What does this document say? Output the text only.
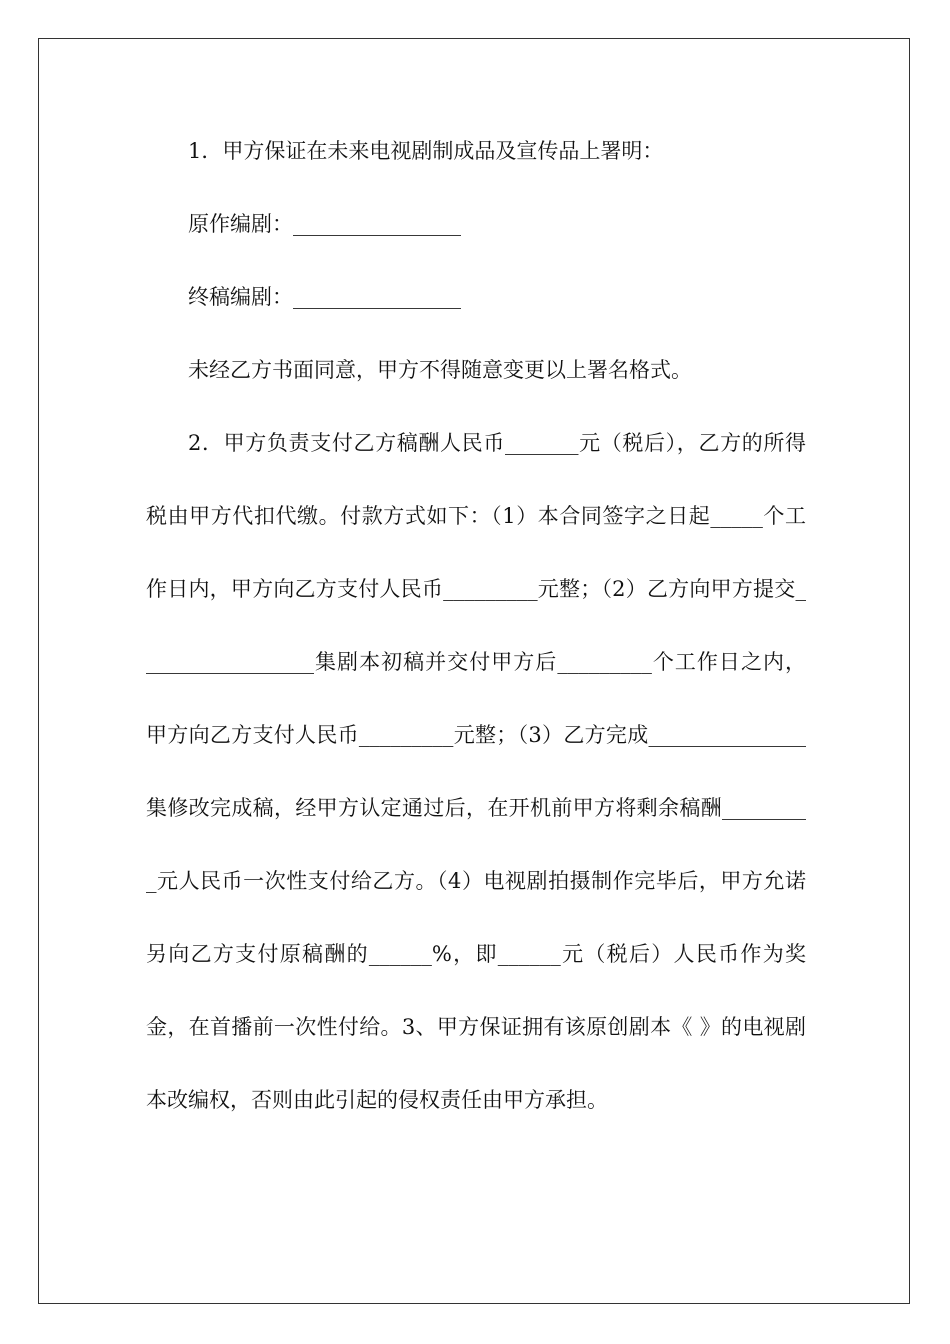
1．甲方保证在未来电视剧制成品及宣传品上署明：

原作编剧：________________

终稿编剧：________________

未经乙方书面同意，甲方不得随意变更以上署名格式。

2．甲方负责支付乙方稿酬人民币_______元（税后），乙方的所得税由甲方代扣代缴。付款方式如下：（1）本合同签字之日起_____个工作日内，甲方向乙方支付人民币_________元整；（2）乙方向甲方提交_________________集剧本初稿并交付甲方后_________个工作日之内，甲方向乙方支付人民币_________元整；（3）乙方完成_______________集修改完成稿，经甲方认定通过后，在开机前甲方将剩余稿酬_________元人民币一次性支付给乙方。（4）电视剧拍摄制作完毕后，甲方允诺另向乙方支付原稿酬的______%，即______元（税后）人民币作为奖金，在首播前一次性付给。3、甲方保证拥有该原创剧本《 》的电视剧本改编权，否则由此引起的侵权责任由甲方承担。
